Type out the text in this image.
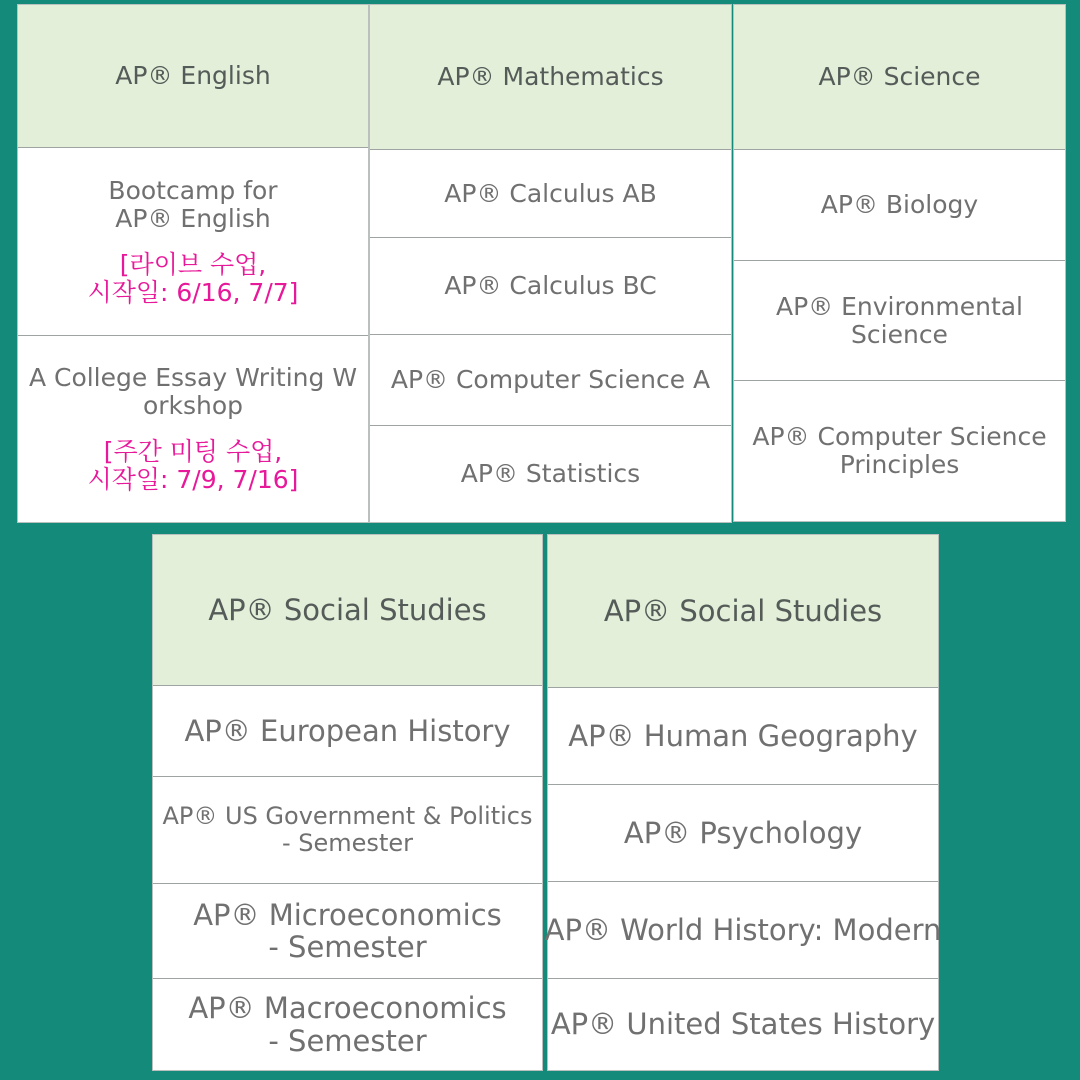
AP® English
Bootcamp for
AP® English
[라이브 수업,
시작일: 6/16, 7/7]
A College Essay Writing W
orkshop
[주간 미팅 수업,
시작일: 7/9, 7/16]
AP® Mathematics
AP® Calculus AB
AP® Calculus BC
AP® Computer Science A
AP® Statistics
AP® Science
AP® Biology
AP® Environmental
Science
AP® Computer Science
Principles
AP® Social Studies
AP® European History
AP® US Government & Politics
- Semester
AP® Microeconomics
- Semester
AP® Macroeconomics
- Semester
AP® Social Studies
AP® Human Geography
AP® Psychology
AP® World History: Modern
AP® United States History
